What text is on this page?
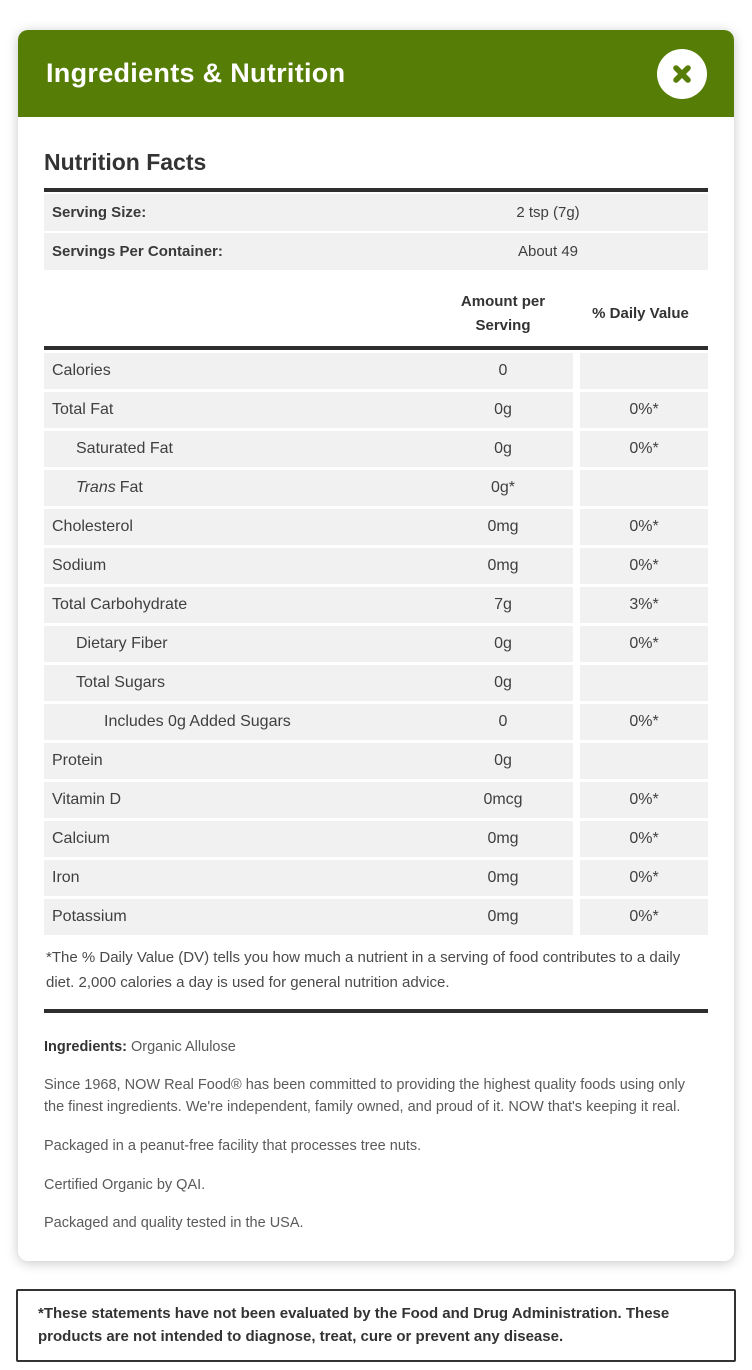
Ingredients & Nutrition
Nutrition Facts
Serving Size:	2 tsp (7g)
Servings Per Container:	About 49
Amount per Serving
% Daily Value
Calories	0
Total Fat	0g	0%*
Saturated Fat	0g	0%*
Trans Fat	0g*
Cholesterol	0mg	0%*
Sodium	0mg	0%*
Total Carbohydrate	7g	3%*
Dietary Fiber	0g	0%*
Total Sugars	0g
Includes 0g Added Sugars	0	0%*
Protein	0g
Vitamin D	0mcg	0%*
Calcium	0mg	0%*
Iron	0mg	0%*
Potassium	0mg	0%*
*The % Daily Value (DV) tells you how much a nutrient in a serving of food contributes to a daily diet. 2,000 calories a day is used for general nutrition advice.

Ingredients: Organic Allulose

Since 1968, NOW Real Food® has been committed to providing the highest quality foods using only the finest ingredients. We're independent, family owned, and proud of it. NOW that's keeping it real.

Packaged in a peanut-free facility that processes tree nuts.

Certified Organic by QAI.

Packaged and quality tested in the USA.

*These statements have not been evaluated by the Food and Drug Administration. These products are not intended to diagnose, treat, cure or prevent any disease.
